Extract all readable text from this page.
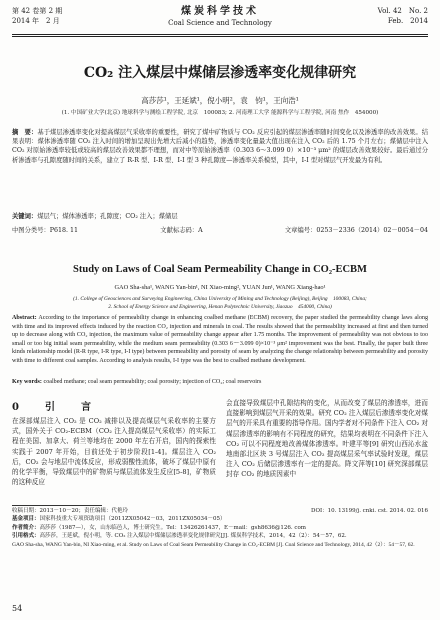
第 42 卷第 2 期
2014 年　2 月
煤炭科学技术
Coal Science and Technology
Vol. 42　No. 2
Feb.　2014
CO₂ 注入煤层中煤储层渗透率变化规律研究
高莎莎¹，王延斌¹，倪小明²，袁　钧¹，王向浩¹
(1. 中国矿业大学(北京) 地球科学与测绘工程学院, 北京　100083; 2. 河南理工大学 能源科学与工程学院, 河南 焦作　454000)
摘　要：基于煤层渗透率变化对提高煤层气采收率的重要性，研究了煤中矿物质与 CO₂ 反应引起的煤层渗透率随时间变化以及渗透率的改善效果。结果表明：煤体渗透率随 CO₂ 注入时间的增加呈现出先增大后减小的趋势，渗透率变化量最大值出现在注入 CO₂ 后的 1.75 个月左右；煤储层中注入 CO₂ 对原始渗透率较低或较高的煤层改善效果都不理想，而对中等原始渗透率（0.303 6～3.099 0）×10⁻³ μm² 的煤层改善效果较好。最后通过分析渗透率与孔隙度随时间的关系，建立了 R-R 型、I-R 型、I-I 型 3 种孔隙度—渗透率关系模型，其中，I-I 型对煤层气开发最为有利。
关键词：煤层气；煤体渗透率；孔隙度；CO₂ 注入；煤储层
中图分类号：P618. 11	文献标志码：A	文章编号：0253－2336（2014）02－0054－04
Study on Laws of Coal Seam Permeability Change in CO₂-ECBM
GAO Sha-sha¹, WANG Yan-bin¹, NI Xiao-ming², YUAN Jun¹, WANG Xiang-hao¹
(1. College of Geosciences and Surveying Engineering, China University of Mining and Technology (Beijing), Beijing　100083, China;
2. School of Energy Science and Engineering, Henan Polytechnic University, Jiaozuo　454000, China)
Abstract: According to the importance of permeability change in enhancing coalbed methane (ECBM) recovery, the paper studied the permeability change laws along with time and its improved effects induced by the reaction CO₂ injection and minerals in coal. The results showed that the permeability increased at first and then turned up to decrease along with CO₂ injection, the maximum value of permeability change appear after 1.75 months. The improvement of permeability was not obvious to too small or too big initial seam permeability, while the medium seam permeability (0.303 6～3.099 0)×10⁻³ μm² improvement was the best. Finally, the paper built three kinds relationship model (R-R type, I-R type, I-I type) between permeability and porosity of seam by analyzing the change relationship between permeability and porosity with time to different coal samples. According to analysis results, I-I type was the best to coalbed methane development.
Key words: coalbed methane; coal seam permeability; coal porosity; injection of CO₂; coal reservoirs
0　引　言
在深部煤层注入 CO₂ 是 CO₂ 减排以及提高煤层气采收率的主要方式，国外关于 CO₂-ECBM（CO₂ 注入提高煤层气采收率）的实际工程在美国、加拿大、荷兰等地均在 2000 年左右开启，国内的探索性实践于 2007 年开始，目前还处于初步阶段[1-4]。煤层注入 CO₂ 后，CO₂ 会与地层中流体反应，形成弱酸性流体，破坏了煤层中原有的化学平衡，导致煤层中的矿物质与煤层流体发生反应[5-8]，矿物质的这种反应
会直接导致煤层中孔隙结构的变化，从而改变了煤层的渗透率，进而直接影响到煤层气开采的效果。研究 CO₂ 注入煤层后渗透率变化对煤层气的开采具有重要的指导作用。国内学者对不同条件下注入 CO₂ 对煤层渗透率的影响有不同程度的研究，结果均表明在不同条件下注入 CO₂ 可以不同程度地改善煤体渗透率。叶建平等[9] 研究山西沁水盆地南部北区块 3 号煤层注入 CO₂ 提高煤层采气率试验时发现，煤层注入 CO₂ 后储层渗透率有一定的提高。降文萍等[10] 研究深部煤层封存 CO₂ 的地质因素中
收稿日期：2013－10－20；责任编辑：代艳玲	DOI：10. 13199/j. cnki. cst. 2014. 02. 016
基金项目：国家科技重大专项资助项目（2011ZX05042－03，2011ZX05034－05）
作者简介：高莎莎（1987—），女，山东临邑人，博士研究生。Tel：13426261437，E－mail：gsh8636@126. com
引用格式：高莎莎，王延斌，倪小明，等. CO₂ 注入煤层中煤储层渗透率变化规律研究[J]. 煤炭科学技术，2014，42（2）：54－57，62.
GAO Sha-sha, WANG Yan-bin, NI Xiao-ming, et al. Study on Laws of Coal Seam Permeability Change in CO₂-ECBM [J]. Coal Science and Technology, 2014, 42（2）：54－57, 62.
54
